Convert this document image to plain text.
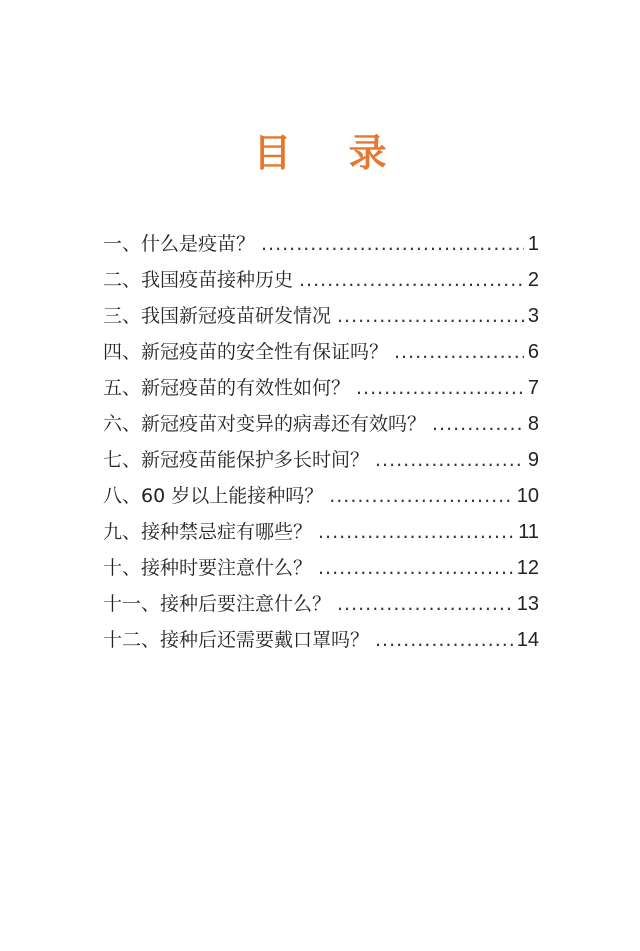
目 录
一、什么是疫苗？ .....	1
二、我国疫苗接种历史 .....	2
三、我国新冠疫苗研发情况 .....	3
四、新冠疫苗的安全性有保证吗？ .....	6
五、新冠疫苗的有效性如何？ .....	7
六、新冠疫苗对变异的病毒还有效吗？ .....	8
七、新冠疫苗能保护多长时间？ .....	9
八、60 岁以上能接种吗？ .....	10
九、接种禁忌症有哪些？ .....	11
十、接种时要注意什么？ .....	12
十一、接种后要注意什么？ .....	13
十二、接种后还需要戴口罩吗？ .....	14
